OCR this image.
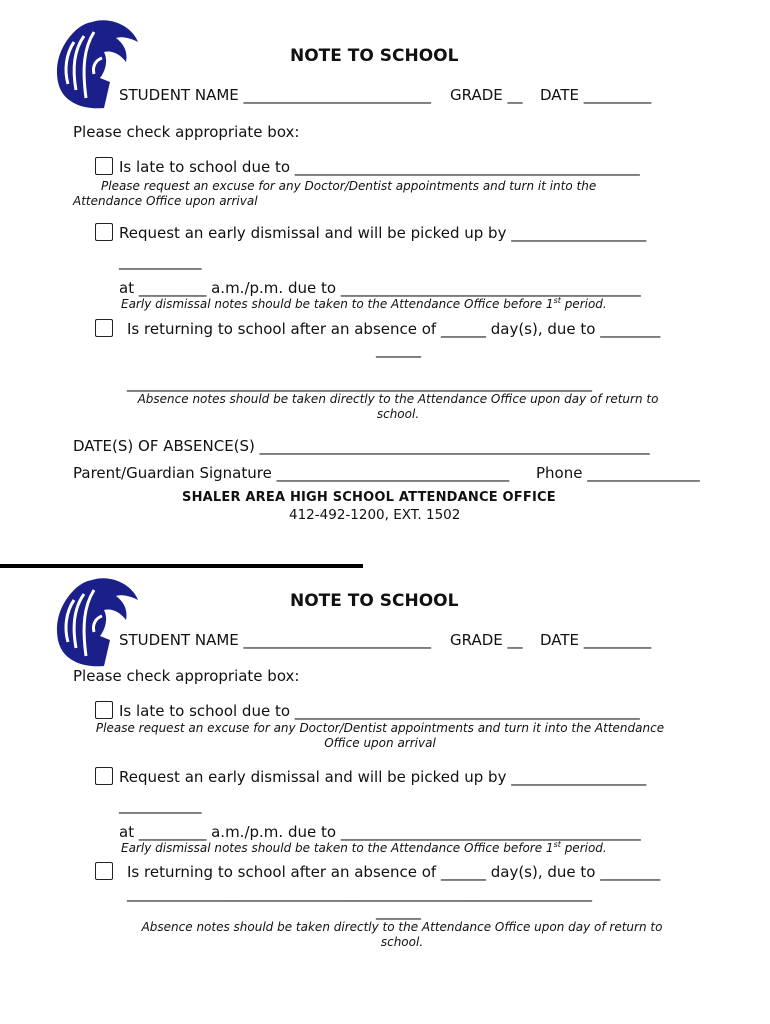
NOTE TO SCHOOL
STUDENT NAME _________________________ GRADE __ DATE _________
Please check appropriate box:
Is late to school due to ______________________________________________
Please request an excuse for any Doctor/Dentist appointments and turn it into the Attendance Office upon arrival
Request an early dismissal and will be picked up by __________________
___________
at _________ a.m./p.m. due to ________________________________________
Early dismissal notes should be taken to the Attendance Office before 1st period.
Is returning to school after an absence of ______ day(s), due to ________
______
______________________________________________________________
Absence notes should be taken directly to the Attendance Office upon day of return to school.
DATE(S) OF ABSENCE(S) ____________________________________________________
Parent/Guardian Signature _______________________________ Phone _______________
SHALER AREA HIGH SCHOOL ATTENDANCE OFFICE
412-492-1200, EXT. 1502
NOTE TO SCHOOL
STUDENT NAME _________________________ GRADE __ DATE _________
Please check appropriate box:
Is late to school due to ______________________________________________
Please request an excuse for any Doctor/Dentist appointments and turn it into the Attendance Office upon arrival
Request an early dismissal and will be picked up by __________________
___________
at _________ a.m./p.m. due to ________________________________________
Early dismissal notes should be taken to the Attendance Office before 1st period.
Is returning to school after an absence of ______ day(s), due to ________
______________________________________________________________
______
Absence notes should be taken directly to the Attendance Office upon day of return to school.
